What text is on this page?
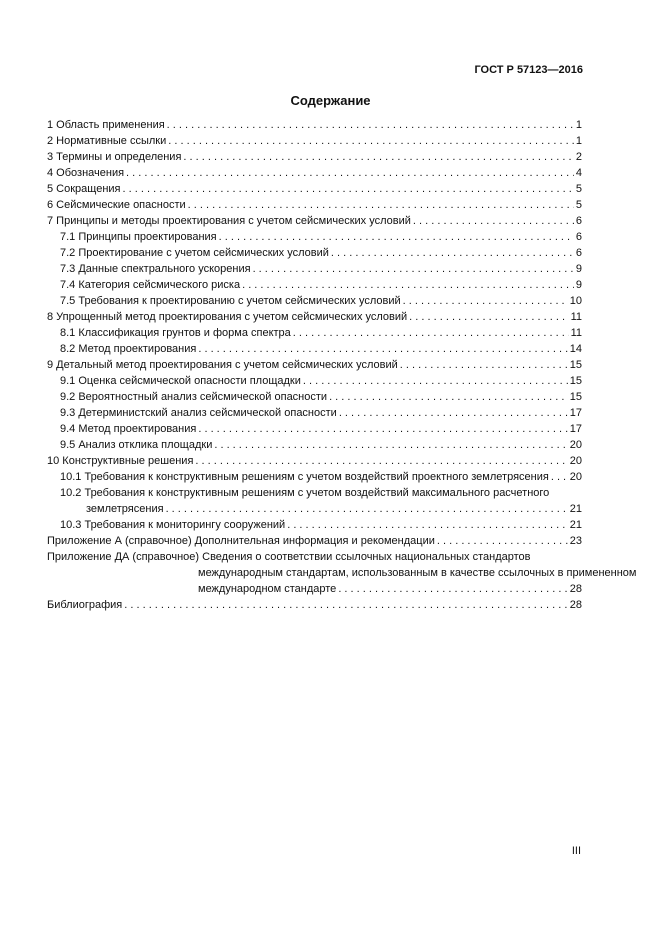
ГОСТ Р 57123—2016
Содержание
1 Область применения . . .	1
2 Нормативные ссылки . . .	1
3 Термины и определения . . .	2
4 Обозначения . . .	4
5 Сокращения . . .	5
6 Сейсмические опасности . . .	5
7 Принципы и методы проектирования с учетом сейсмических условий . . .	6
7.1 Принципы проектирования . . .	6
7.2 Проектирование с учетом сейсмических условий . . .	6
7.3 Данные спектрального ускорения . . .	9
7.4 Категория сейсмического риска . . .	9
7.5 Требования к проектированию с учетом сейсмических условий . . .	10
8 Упрощенный метод проектирования с учетом сейсмических условий . . .	11
8.1 Классификация грунтов и форма спектра . . .	11
8.2 Метод проектирования . . .	14
9 Детальный метод проектирования с учетом сейсмических условий . . .	15
9.1 Оценка сейсмической опасности площадки . . .	15
9.2 Вероятностный анализ сейсмической опасности . . .	15
9.3 Детерминистский анализ сейсмической опасности . . .	17
9.4 Метод проектирования . . .	17
9.5 Анализ отклика площадки . . .	20
10 Конструктивные решения . . .	20
10.1 Требования к конструктивным решениям с учетом воздействий проектного землетрясения . . . 20
10.2 Требования к конструктивным решениям с учетом воздействий максимального расчетного
землетрясения . . .	21
10.3 Требования к мониторингу сооружений . . .	21
Приложение А (справочное) Дополнительная информация и рекомендации . . .	23
Приложение ДА (справочное) Сведения о соответствии ссылочных национальных стандартов
международным стандартам, использованным в качестве ссылочных в примененном
международном стандарте . . .	28
Библиография . . .	28
III
